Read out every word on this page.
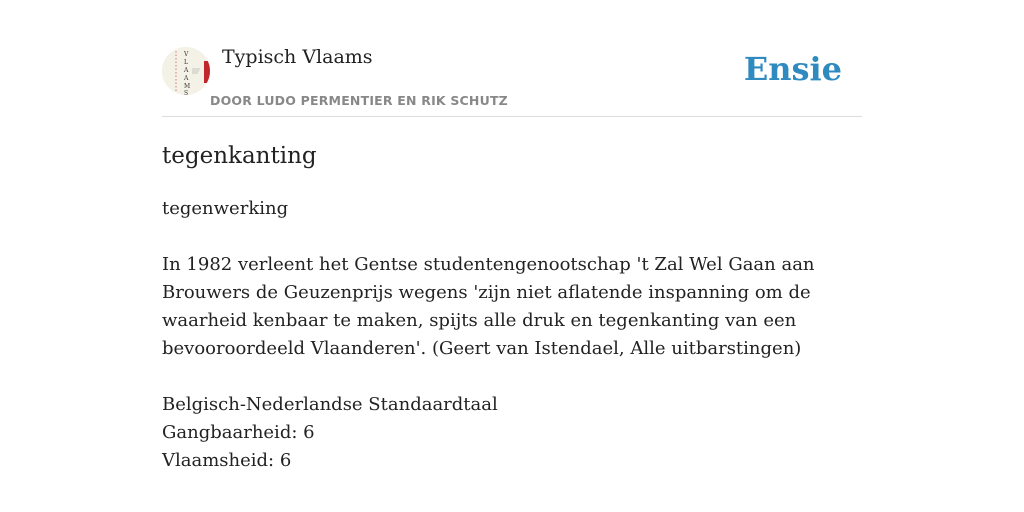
V
L
A
A
M
S
Typisch Vlaams
DOOR LUDO PERMENTIER EN RIK SCHUTZ
Ensie
tegenkanting

tegenwerking

In 1982 verleent het Gentse studentengenootschap 't Zal Wel Gaan aan Brouwers de Geuzenprijs wegens 'zijn niet aflatende inspanning om de waarheid kenbaar te maken, spijts alle druk en tegenkanting van een bevooroordeeld Vlaanderen'. (Geert van Istendael, Alle uitbarstingen)

Belgisch-Nederlandse Standaardtaal

Gangbaarheid: 6

Vlaamsheid: 6
